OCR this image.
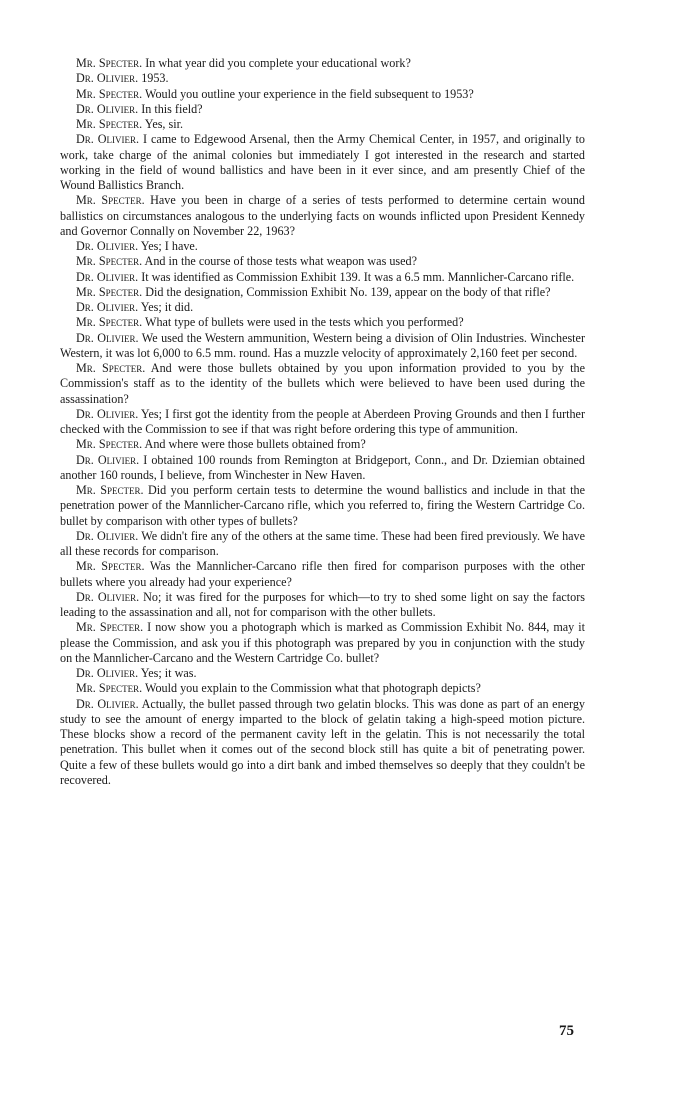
Mr. Specter. In what year did you complete your educational work?

Dr. Olivier. 1953.

Mr. Specter. Would you outline your experience in the field subsequent to 1953?

Dr. Olivier. In this field?

Mr. Specter. Yes, sir.

Dr. Olivier. I came to Edgewood Arsenal, then the Army Chemical Center, in 1957, and originally to work, take charge of the animal colonies but immediately I got interested in the research and started working in the field of wound ballistics and have been in it ever since, and am presently Chief of the Wound Ballistics Branch.

Mr. Specter. Have you been in charge of a series of tests performed to determine certain wound ballistics on circumstances analogous to the underlying facts on wounds inflicted upon President Kennedy and Governor Connally on November 22, 1963?

Dr. Olivier. Yes; I have.

Mr. Specter. And in the course of those tests what weapon was used?

Dr. Olivier. It was identified as Commission Exhibit 139. It was a 6.5 mm. Mannlicher-Carcano rifle.

Mr. Specter. Did the designation, Commission Exhibit No. 139, appear on the body of that rifle?

Dr. Olivier. Yes; it did.

Mr. Specter. What type of bullets were used in the tests which you performed?

Dr. Olivier. We used the Western ammunition, Western being a division of Olin Industries. Winchester Western, it was lot 6,000 to 6.5 mm. round. Has a muzzle velocity of approximately 2,160 feet per second.

Mr. Specter. And were those bullets obtained by you upon information provided to you by the Commission's staff as to the identity of the bullets which were believed to have been used during the assassination?

Dr. Olivier. Yes; I first got the identity from the people at Aberdeen Proving Grounds and then I further checked with the Commission to see if that was right before ordering this type of ammunition.

Mr. Specter. And where were those bullets obtained from?

Dr. Olivier. I obtained 100 rounds from Remington at Bridgeport, Conn., and Dr. Dziemian obtained another 160 rounds, I believe, from Winchester in New Haven.

Mr. Specter. Did you perform certain tests to determine the wound ballistics and include in that the penetration power of the Mannlicher-Carcano rifle, which you referred to, firing the Western Cartridge Co. bullet by comparison with other types of bullets?

Dr. Olivier. We didn't fire any of the others at the same time. These had been fired previously. We have all these records for comparison.

Mr. Specter. Was the Mannlicher-Carcano rifle then fired for comparison purposes with the other bullets where you already had your experience?

Dr. Olivier. No; it was fired for the purposes for which—to try to shed some light on say the factors leading to the assassination and all, not for comparison with the other bullets.

Mr. Specter. I now show you a photograph which is marked as Commission Exhibit No. 844, may it please the Commission, and ask you if this photograph was prepared by you in conjunction with the study on the Mannlicher-Carcano and the Western Cartridge Co. bullet?

Dr. Olivier. Yes; it was.

Mr. Specter. Would you explain to the Commission what that photograph depicts?

Dr. Olivier. Actually, the bullet passed through two gelatin blocks. This was done as part of an energy study to see the amount of energy imparted to the block of gelatin taking a high-speed motion picture. These blocks show a record of the permanent cavity left in the gelatin. This is not necessarily the total penetration. This bullet when it comes out of the second block still has quite a bit of penetrating power. Quite a few of these bullets would go into a dirt bank and imbed themselves so deeply that they couldn't be recovered.

75
